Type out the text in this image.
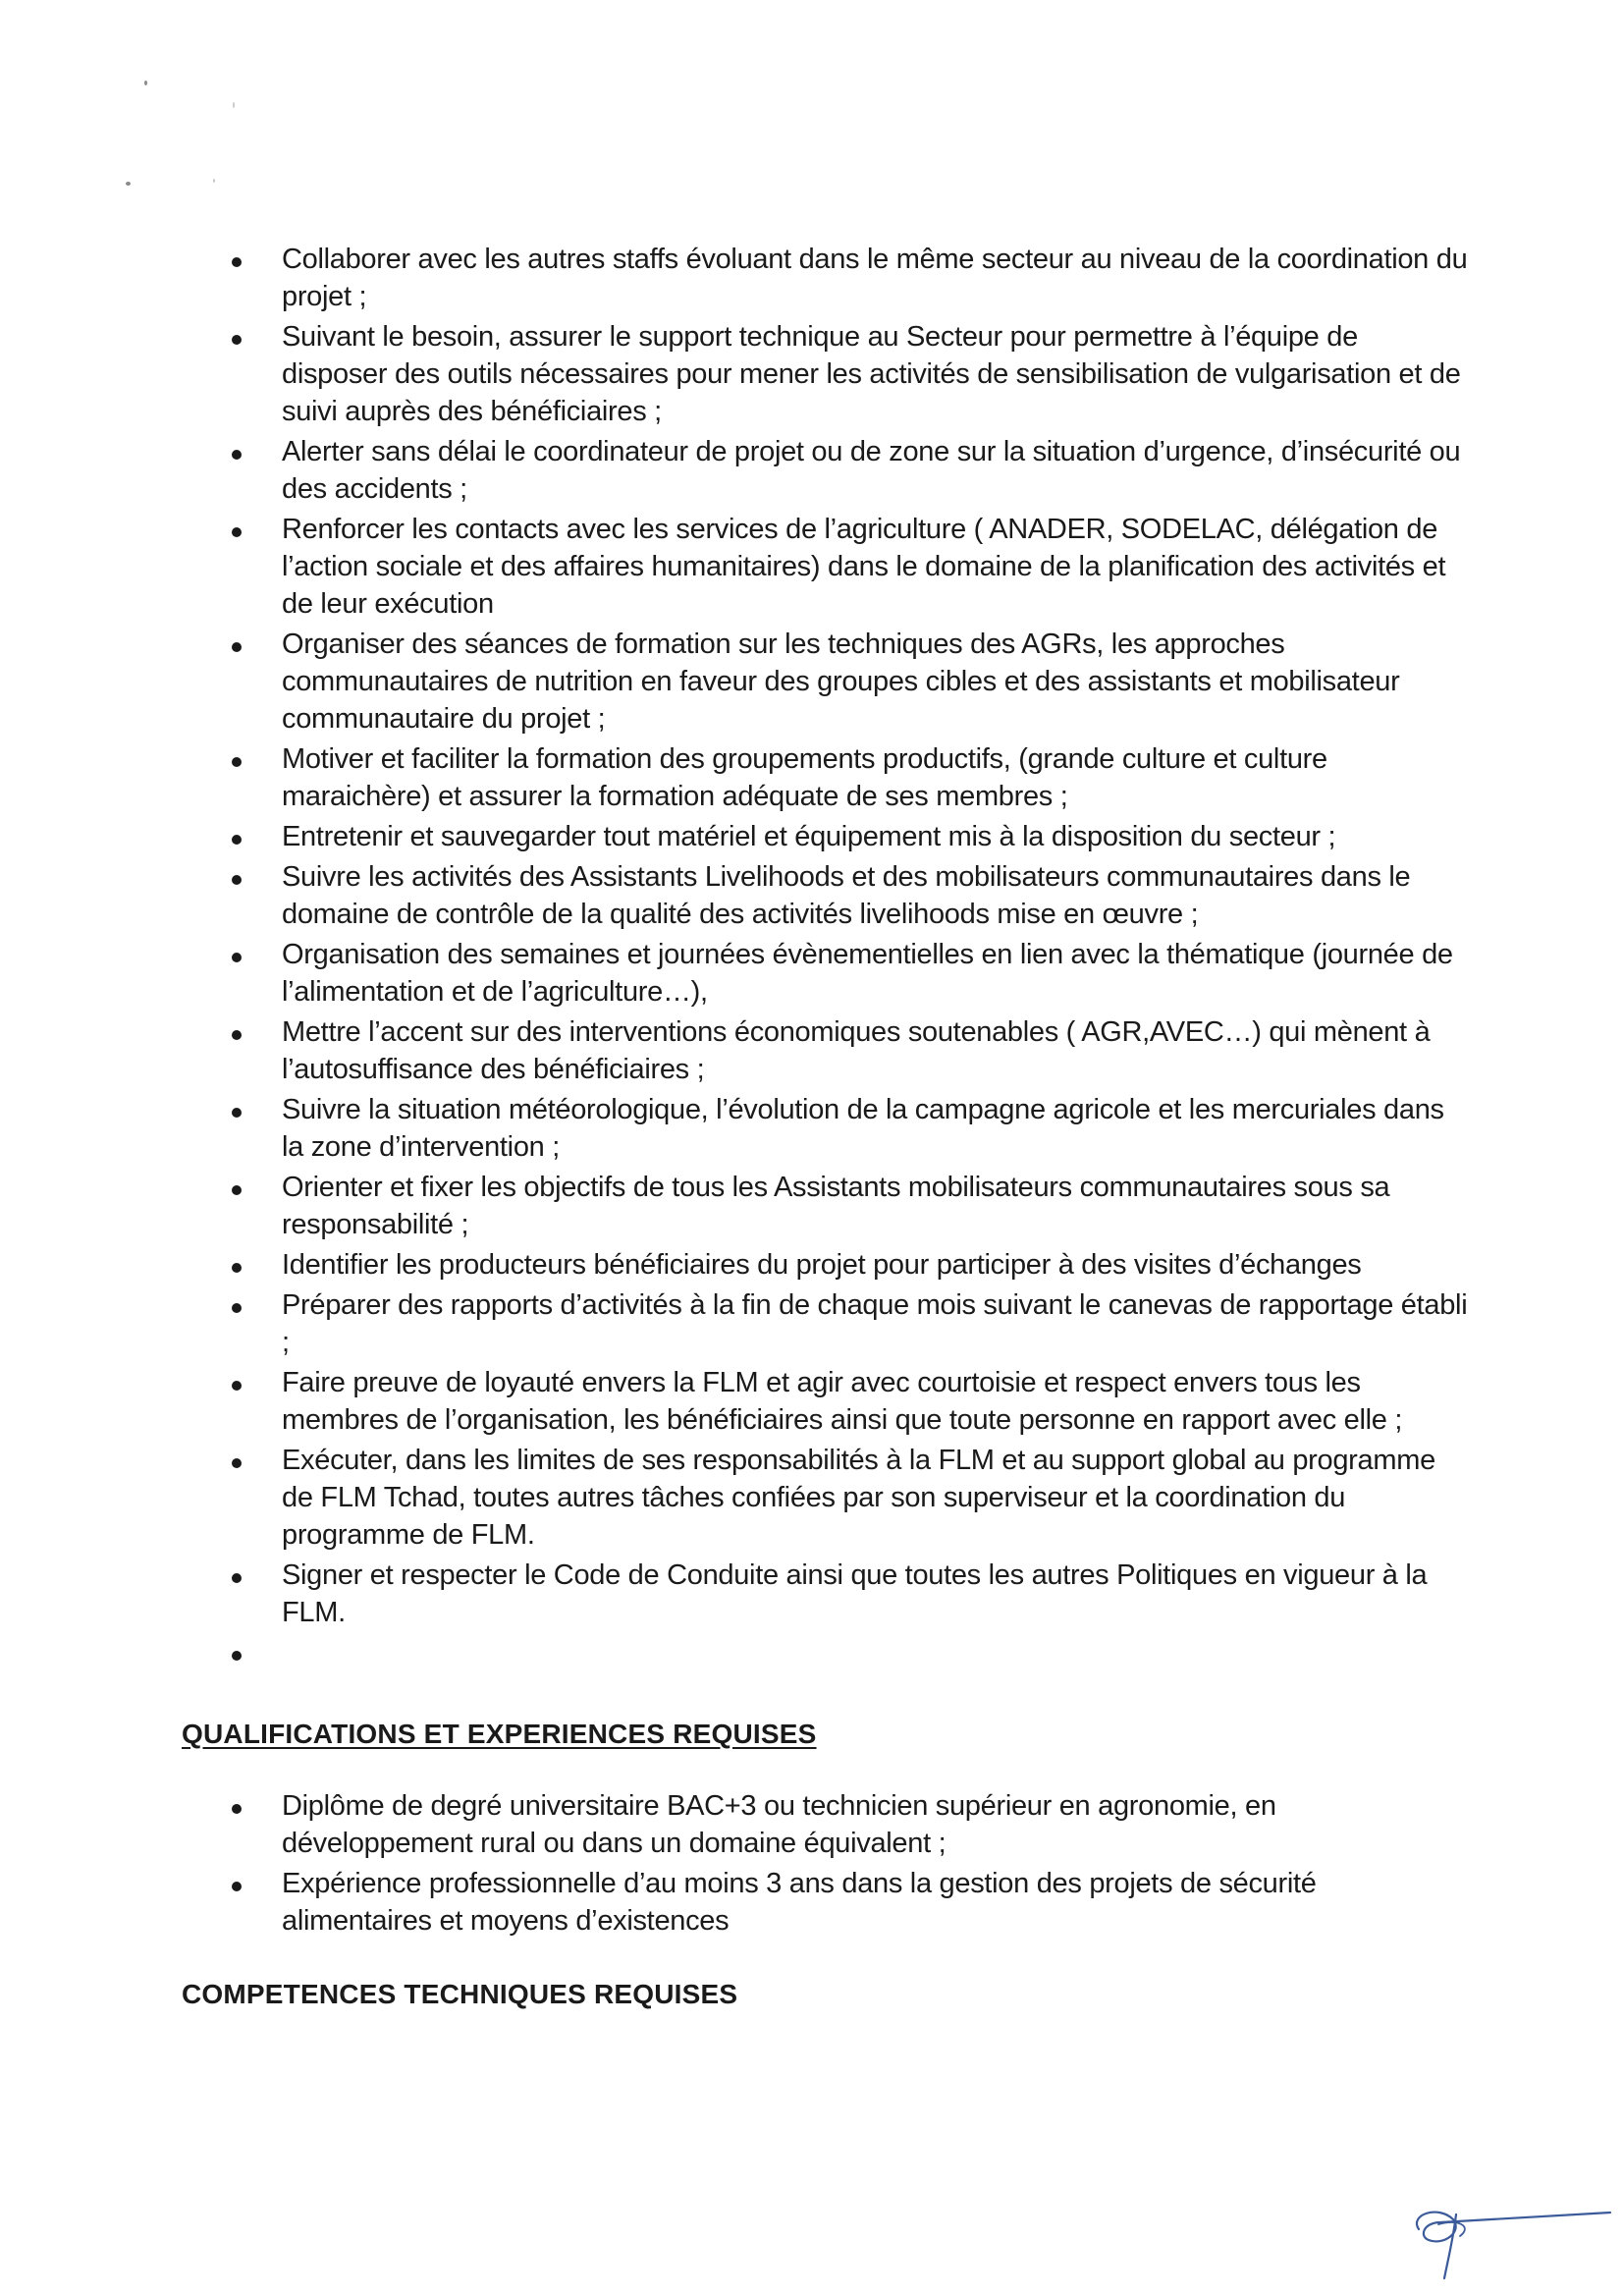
Collaborer avec les autres staffs évoluant dans le même secteur au niveau de la coordination du projet ;
Suivant le besoin, assurer le support technique au Secteur pour permettre à l’équipe de disposer des outils nécessaires pour mener les activités de sensibilisation de vulgarisation et de suivi auprès des bénéficiaires ;
Alerter sans délai le coordinateur de projet ou de zone sur la situation d’urgence, d’insécurité ou des accidents ;
Renforcer les contacts avec les services de l’agriculture ( ANADER, SODELAC, délégation de l’action sociale et des affaires humanitaires) dans le domaine de la planification des activités et de leur exécution
Organiser des séances de formation sur les techniques des AGRs, les approches communautaires de nutrition en faveur des groupes cibles et des assistants et mobilisateur communautaire du projet ;
Motiver et faciliter la formation des groupements productifs, (grande culture et culture maraichère) et assurer la formation adéquate de ses membres ;
Entretenir et sauvegarder tout matériel et équipement mis à la disposition du secteur ;
Suivre les activités des Assistants Livelihoods et des mobilisateurs communautaires dans le domaine de contrôle de la qualité des activités livelihoods mise en œuvre ;
Organisation des semaines et journées évènementielles en lien avec la thématique (journée de l’alimentation et de l’agriculture…),
Mettre l’accent sur des interventions économiques soutenables ( AGR,AVEC…) qui mènent à l’autosuffisance des bénéficiaires ;
Suivre la situation météorologique, l’évolution de la campagne agricole et les mercuriales dans la zone d’intervention ;
Orienter et fixer les objectifs de tous les Assistants mobilisateurs communautaires sous sa responsabilité ;
Identifier les producteurs bénéficiaires du projet pour participer à des visites d’échanges
Préparer des rapports d’activités à la fin de chaque mois suivant le canevas de rapportage établi ;
Faire preuve de loyauté envers la FLM et agir avec courtoisie et respect envers tous les membres de l’organisation, les bénéficiaires ainsi que toute personne en rapport avec elle ;
Exécuter, dans les limites de ses responsabilités à la FLM et au support global au programme de FLM Tchad, toutes autres tâches confiées par son superviseur et la coordination du programme de FLM.
Signer et respecter le Code de Conduite ainsi que toutes les autres Politiques en vigueur à la FLM.
QUALIFICATIONS ET EXPERIENCES REQUISES
Diplôme de degré universitaire BAC+3 ou technicien supérieur en agronomie, en développement rural ou dans un domaine équivalent ;
Expérience professionnelle d’au moins 3 ans dans la gestion des projets de sécurité alimentaires et moyens d’existences
COMPETENCES TECHNIQUES REQUISES
